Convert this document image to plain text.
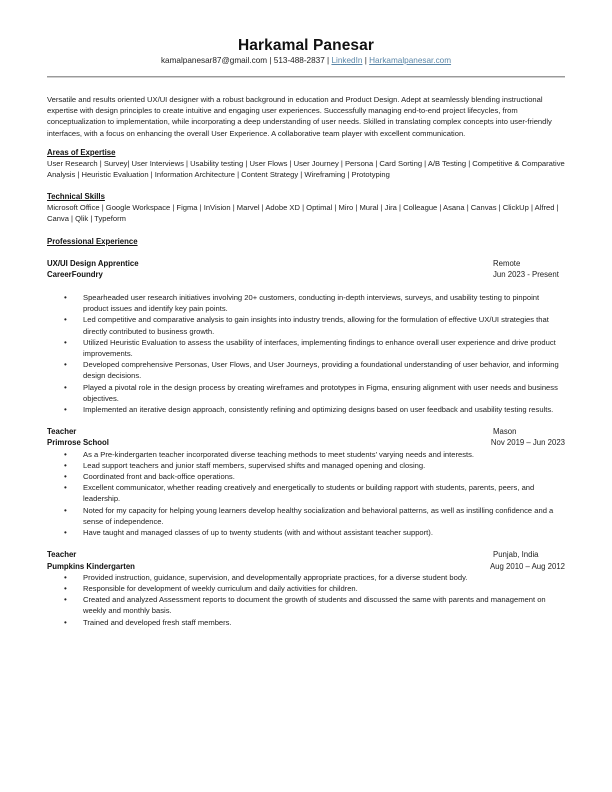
Harkamal Panesar
kamalpanesar87@gmail.com | 513-488-2837 | LinkedIn | Harkamalpanesar.com
Versatile and results oriented UX/UI designer with a robust background in education and Product Design. Adept at seamlessly blending instructional expertise with design principles to create intuitive and engaging user experiences. Successfully managing end-to-end project lifecycles, from conceptualization to implementation, while incorporating a deep understanding of user needs. Skilled in translating complex concepts into user-friendly interfaces, with a focus on enhancing the overall User Experience. A collaborative team player with excellent communication.
Areas of Expertise
User Research | Survey| User Interviews | Usability testing | User Flows | User Journey | Persona | Card Sorting | A/B Testing | Competitive & Comparative Analysis | Heuristic Evaluation | Information Architecture | Content Strategy | Wireframing | Prototyping
Technical Skills
Microsoft Office | Google Workspace | Figma | InVision | Marvel | Adobe XD | Optimal | Miro | Mural | Jira | Colleague | Asana | Canvas | ClickUp | Alfred | Canva | Qlik | Typeform
Professional Experience
UX/UI Design Apprentice	Remote
CareerFoundry	Jun 2023 - Present
• Spearheaded user research initiatives involving 20+ customers, conducting in-depth interviews, surveys, and usability testing to pinpoint product issues and identify key pain points.
• Led competitive and comparative analysis to gain insights into industry trends, allowing for the formulation of effective UX/UI strategies that directly contributed to business growth.
• Utilized Heuristic Evaluation to assess the usability of interfaces, implementing findings to enhance overall user experience and drive product improvements.
• Developed comprehensive Personas, User Flows, and User Journeys, providing a foundational understanding of user behavior, and informing design decisions.
• Played a pivotal role in the design process by creating wireframes and prototypes in Figma, ensuring alignment with user needs and business objectives.
• Implemented an iterative design approach, consistently refining and optimizing designs based on user feedback and usability testing results.
Teacher	Mason
Primrose School	Nov 2019 – Jun 2023
• As a Pre-kindergarten teacher incorporated diverse teaching methods to meet students’ varying needs and interests.
• Lead support teachers and junior staff members, supervised shifts and managed opening and closing.
• Coordinated front and back-office operations.
• Excellent communicator, whether reading creatively and energetically to students or building rapport with students, parents, peers, and leadership.
• Noted for my capacity for helping young learners develop healthy socialization and behavioral patterns, as well as instilling confidence and a sense of independence.
• Have taught and managed classes of up to twenty students (with and without assistant teacher support).
Teacher	Punjab, India
Pumpkins Kindergarten	Aug 2010 – Aug 2012
• Provided instruction, guidance, supervision, and developmentally appropriate practices, for a diverse student body.
• Responsible for development of weekly curriculum and daily activities for children.
• Created and analyzed Assessment reports to document the growth of students and discussed the same with parents and management on weekly and monthly basis.
• Trained and developed fresh staff members.
